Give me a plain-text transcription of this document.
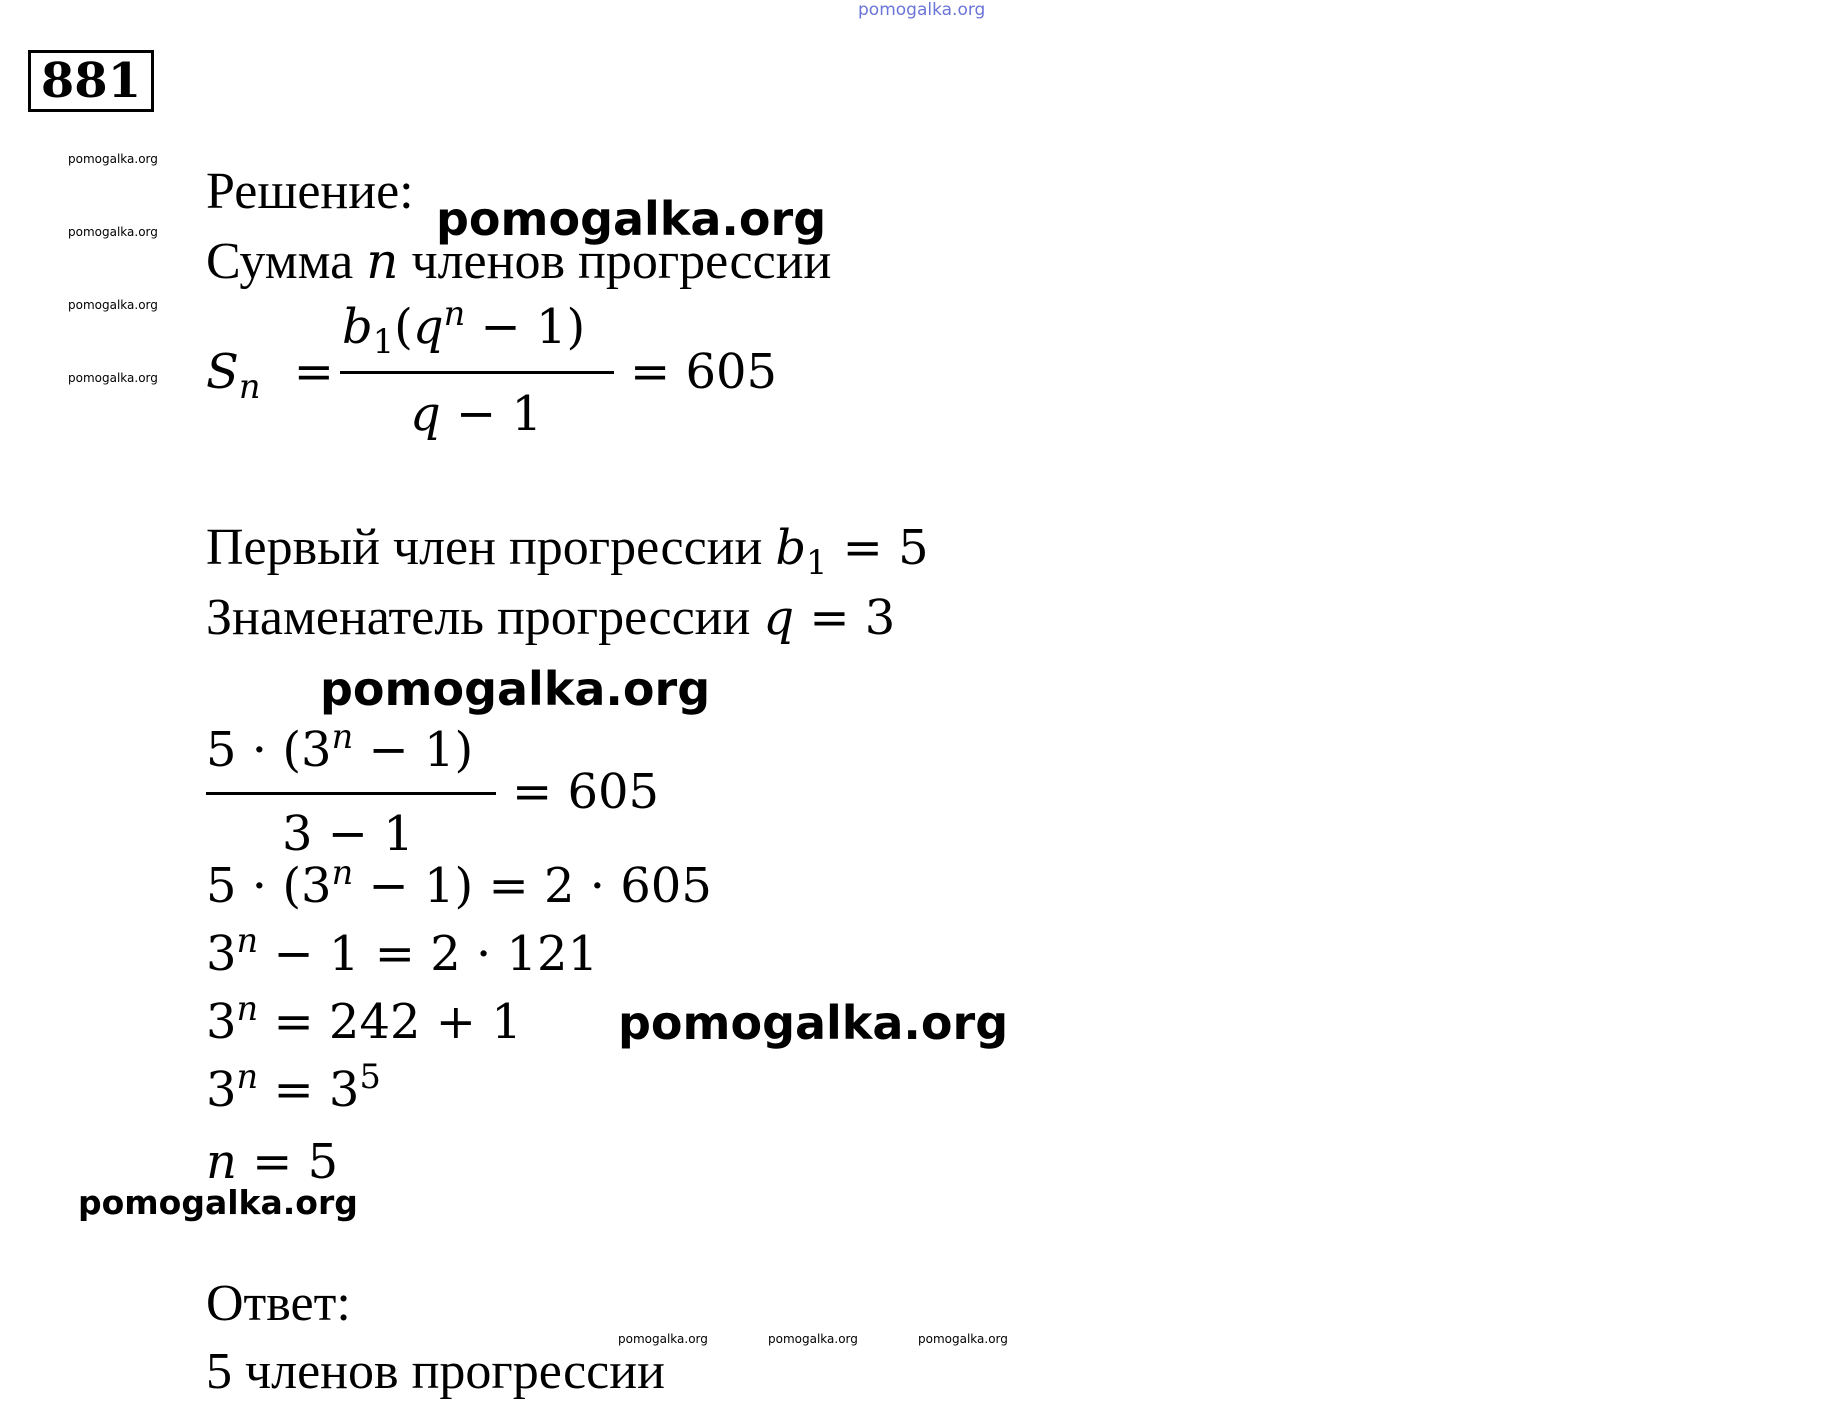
pomogalka.org
881
pomogalka.org
pomogalka.org
pomogalka.org
pomogalka.org
Решение:
Сумма n членов прогрессии
pomogalka.org
$S_n$ =
$b_1(q^n - 1)$
q − 1
= 605
Первый член прогрессии $b_1 = 5$
Знаменатель прогрессии q = 3
pomogalka.org
$5 \cdot (3^n - 1)$
3 − 1
= 605
$5 \cdot (3^n - 1) = 2 \cdot 605$
$3^n - 1 = 2 \cdot 121$
$3^n = 242 + 1$ pomogalka.org
$3^n = 3^5$
n = 5
pomogalka.org
Ответ:
pomogalka.org	pomogalka.org	pomogalka.org
5 членов прогрессии
